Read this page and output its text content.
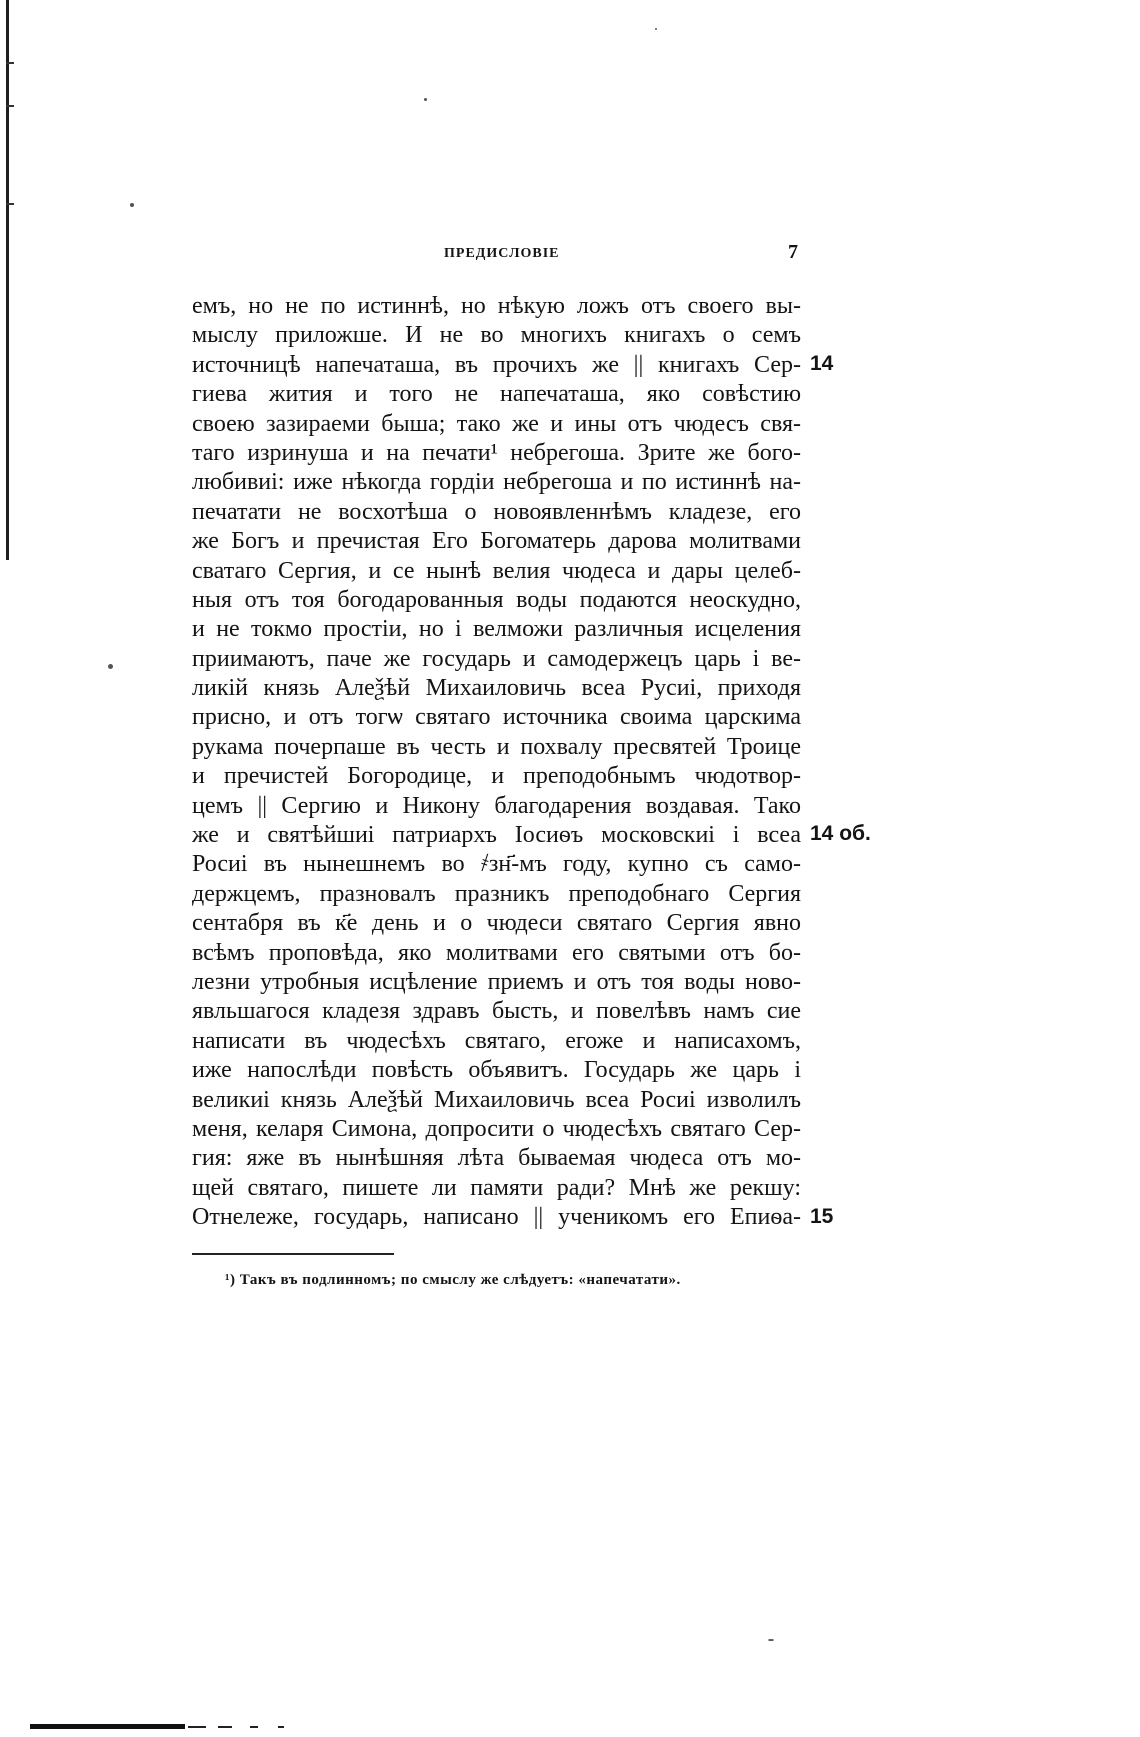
ПРЕДИСЛОВІЕ	7
емъ, но не по истиннѣ, но нѣкую ложъ отъ своего вы-
мыслу приложше. И не во многихъ книгахъ о семъ
источницѣ напечаташа, въ прочихъ же || книгахъ Сер-
гиева жития и того не напечаташа, яко совѣстию
своею зазираеми быша; тако же и ины отъ чюдесъ свя-
таго изринуша и на печати¹ небрегоша. Зрите же бого-
любивиі: иже нѣкогда гордіи небрегоша и по истиннѣ на-
печатати не восхотѣша о новоявленнѣмъ кладезе, его
же Богъ и пречистая Его Богоматерь дарова молитвами
сватаго Сергия, и се нынѣ велия чюдеса и дары целеб-
ныя отъ тоя богодарованныя воды подаются неоскудно,
и не токмо простіи, но і велможи различныя исцеления
приимаютъ, паче же государь и самодержецъ царь і ве-
ликій князь Алеѯѣй Михаиловичь всеа Русиі, приходя
присно, и отъ тогѡ святаго источника своима царскима
рукама почерпаше въ честь и похвалу пресвятей Троице
и пречистей Богородице, и преподобнымъ чюдотвор-
цемъ || Сергию и Никону благодарения воздавая. Тако
же и святѣйшиі патриархъ Іосиѳъ московскиі і всеа
Росиі въ нынешнемъ во ҂зн҃-мъ году, купно съ само-
держцемъ, празновалъ празникъ преподобнаго Сергия
сентабря въ к҃е день и о чюдеси святаго Сергия явно
всѣмъ проповѣда, яко молитвами его святыми отъ бо-
лезни утробныя исцѣление приемъ и отъ тоя воды ново-
явльшагося кладезя здравъ бысть, и повелѣвъ намъ сие
написати въ чюдесѣхъ святаго, егоже и написахомъ,
иже напослѣди повѣсть объявитъ. Государь же царь і
великиі князь Алеѯѣй Михаиловичь всеа Росиі изволилъ
меня, келаря Симона, допросити о чюдесѣхъ святаго Сер-
гия: яже въ нынѣшняя лѣта бываемая чюдеса отъ мо-
щей святаго, пишете ли памяти ради? Мнѣ же рекшу:
Отнележе, государь, написано || ученикомъ его Епиѳа-
14
14 об.
15
¹) Такъ въ подлинномъ; по смыслу же слѣдуетъ: «напечатати».
